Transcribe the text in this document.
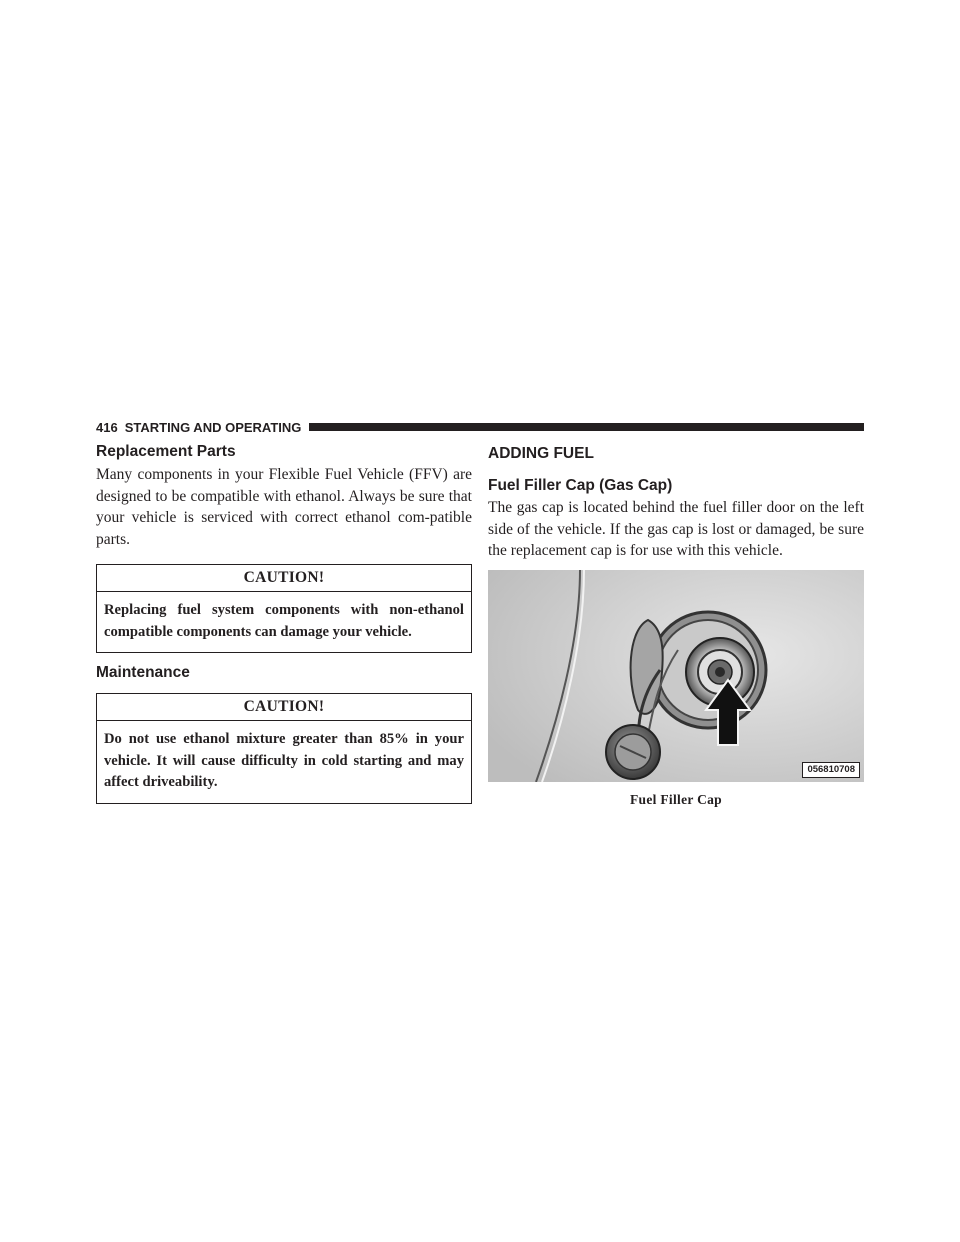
416 STARTING AND OPERATING
Replacement Parts

Many components in your Flexible Fuel Vehicle (FFV) are designed to be compatible with ethanol. Always be sure that your vehicle is serviced with correct ethanol com-patible parts.

CAUTION!
Replacing fuel system components with non-ethanol compatible components can damage your vehicle.
Maintenance
CAUTION!
Do not use ethanol mixture greater than 85% in your vehicle. It will cause difficulty in cold starting and may affect driveability.
ADDING FUEL
Fuel Filler Cap (Gas Cap)

The gas cap is located behind the fuel filler door on the left side of the vehicle. If the gas cap is lost or damaged, be sure the replacement cap is for use with this vehicle.

056810708
Fuel Filler Cap
